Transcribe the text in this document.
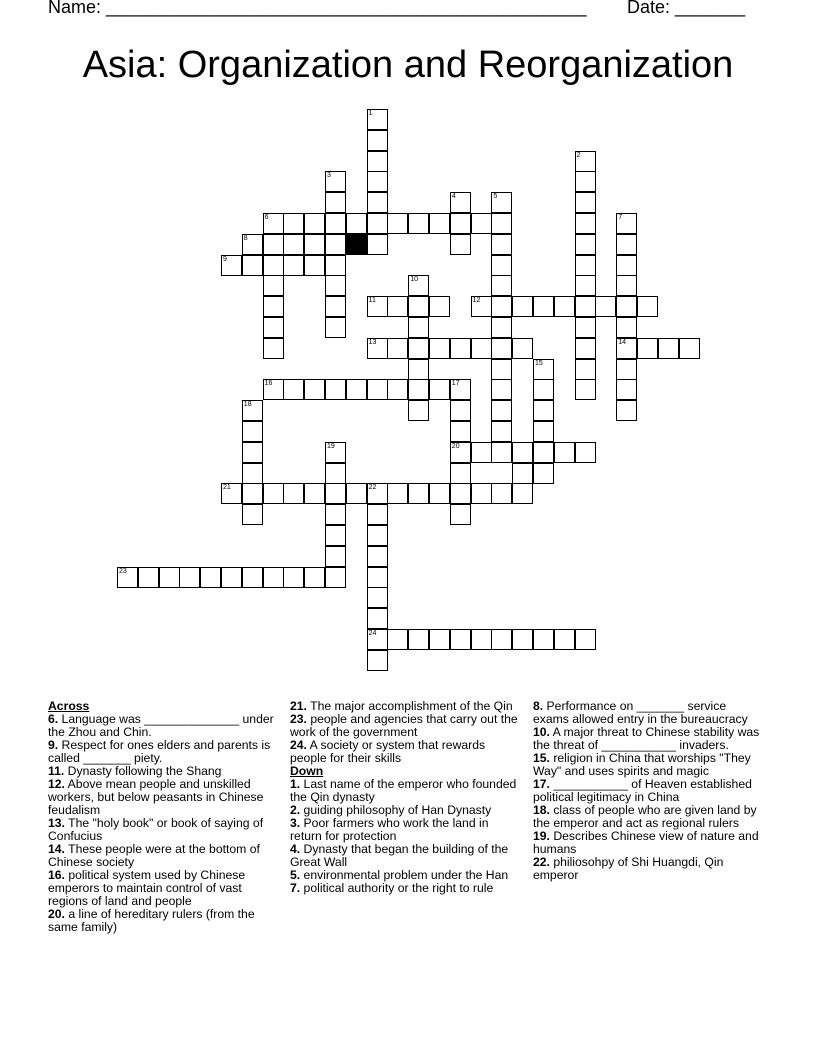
Name: ________________________________________________ Date: _______
Asia: Organization and Reorganization
6
8
9
11	12
13	14
16	17
20
21	22
23
24
1
2
3
4	5
7
10
15
18
19
Across
6. Language was ______________ under the Zhou and Chin.
9. Respect for ones elders and parents is called _______ piety.
11. Dynasty following the Shang
12. Above mean people and unskilled workers, but below peasants in Chinese feudalism
13. The "holy book" or book of saying of Confucius
14. These people were at the bottom of Chinese society
16. political system used by Chinese emperors to maintain control of vast regions of land and people
20. a line of hereditary rulers (from the same family)
21. The major accomplishment of the Qin
23. people and agencies that carry out the work of the government
24. A society or system that rewards people for their skills
Down
1. Last name of the emperor who founded the Qin dynasty
2. guiding philosophy of Han Dynasty
3. Poor farmers who work the land in return for protection
4. Dynasty that began the building of the Great Wall
5. environmental problem under the Han
7. political authority or the right to rule
8. Performance on _______ service exams allowed entry in the bureaucracy
10. A major threat to Chinese stability was the threat of ___________ invaders.
15. religion in China that worships "They Way" and uses spirits and magic
17. ___________ of Heaven established political legitimacy in China
18. class of people who are given land by the emperor and act as regional rulers
19. Describes Chinese view of nature and humans
22. philiosohpy of Shi Huangdi, Qin emperor
